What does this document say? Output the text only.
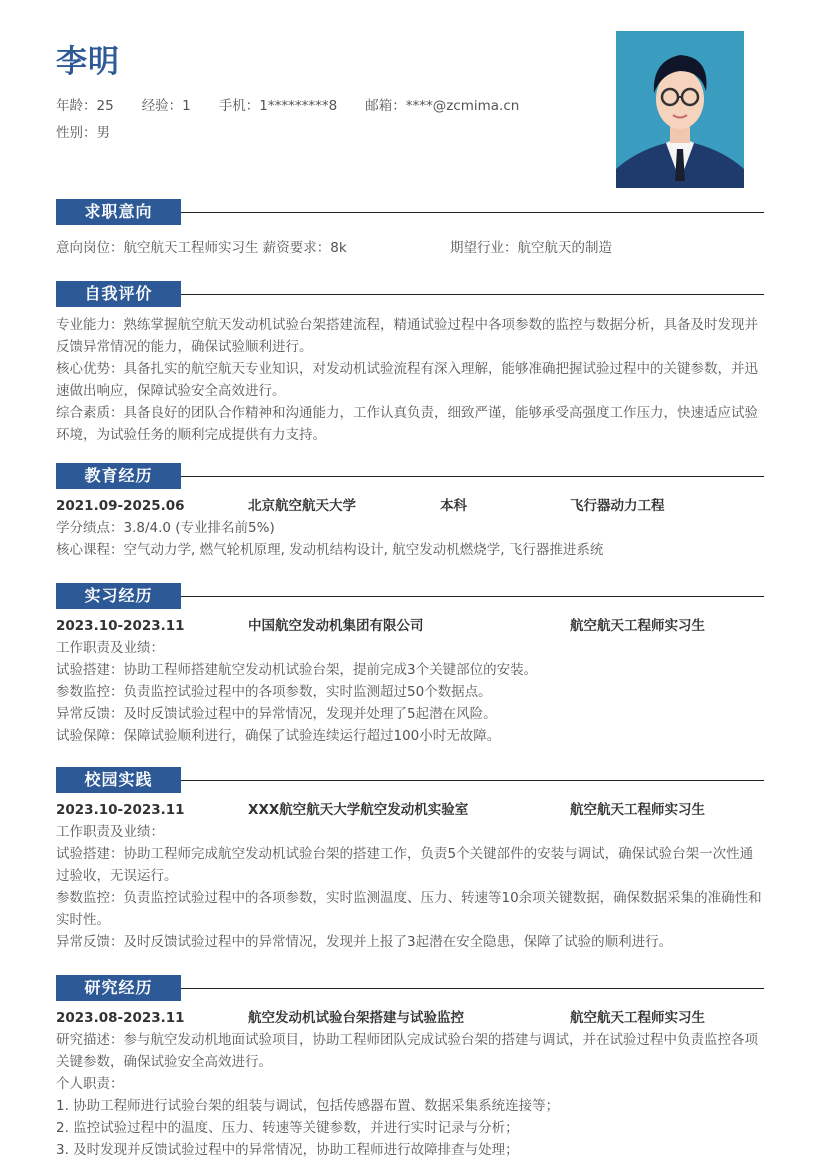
李明
年龄：25 经验：1 手机：1*********8 邮箱：****@zcmima.cn
性别：男
求职意向
意向岗位：航空航天工程师实习生 薪资要求：8k	期望行业：航空航天的制造
自我评价
专业能力：熟练掌握航空航天发动机试验台架搭建流程，精通试验过程中各项参数的监控与数据分析，具备及时发现并反馈异常情况的能力，确保试验顺利进行。
核心优势：具备扎实的航空航天专业知识，对发动机试验流程有深入理解，能够准确把握试验过程中的关键参数，并迅速做出响应，保障试验安全高效进行。
综合素质：具备良好的团队合作精神和沟通能力，工作认真负责，细致严谨，能够承受高强度工作压力，快速适应试验环境，为试验任务的顺利完成提供有力支持。
教育经历
2021.09-2025.06	北京航空航天大学	本科	飞行器动力工程
学分绩点：3.8/4.0 (专业排名前5%)
核心课程：空气动力学, 燃气轮机原理, 发动机结构设计, 航空发动机燃烧学, 飞行器推进系统
实习经历
2023.10-2023.11	中国航空发动机集团有限公司	航空航天工程师实习生
工作职责及业绩：
试验搭建：协助工程师搭建航空发动机试验台架，提前完成3个关键部位的安装。
参数监控：负责监控试验过程中的各项参数，实时监测超过50个数据点。
异常反馈：及时反馈试验过程中的异常情况，发现并处理了5起潜在风险。
试验保障：保障试验顺利进行，确保了试验连续运行超过100小时无故障。
校园实践
2023.10-2023.11	XXX航空航天大学航空发动机实验室	航空航天工程师实习生
工作职责及业绩：
试验搭建：协助工程师完成航空发动机试验台架的搭建工作，负责5个关键部件的安装与调试，确保试验台架一次性通过验收，无误运行。
参数监控：负责监控试验过程中的各项参数，实时监测温度、压力、转速等10余项关键数据，确保数据采集的准确性和实时性。
异常反馈：及时反馈试验过程中的异常情况，发现并上报了3起潜在安全隐患，保障了试验的顺利进行。
研究经历
2023.08-2023.11	航空发动机试验台架搭建与试验监控	航空航天工程师实习生
研究描述：参与航空发动机地面试验项目，协助工程师团队完成试验台架的搭建与调试，并在试验过程中负责监控各项关键参数，确保试验安全高效进行。
个人职责：
1. 协助工程师进行试验台架的组装与调试，包括传感器布置、数据采集系统连接等；
2. 监控试验过程中的温度、压力、转速等关键参数，并进行实时记录与分析；
3. 及时发现并反馈试验过程中的异常情况，协助工程师进行故障排查与处理；
